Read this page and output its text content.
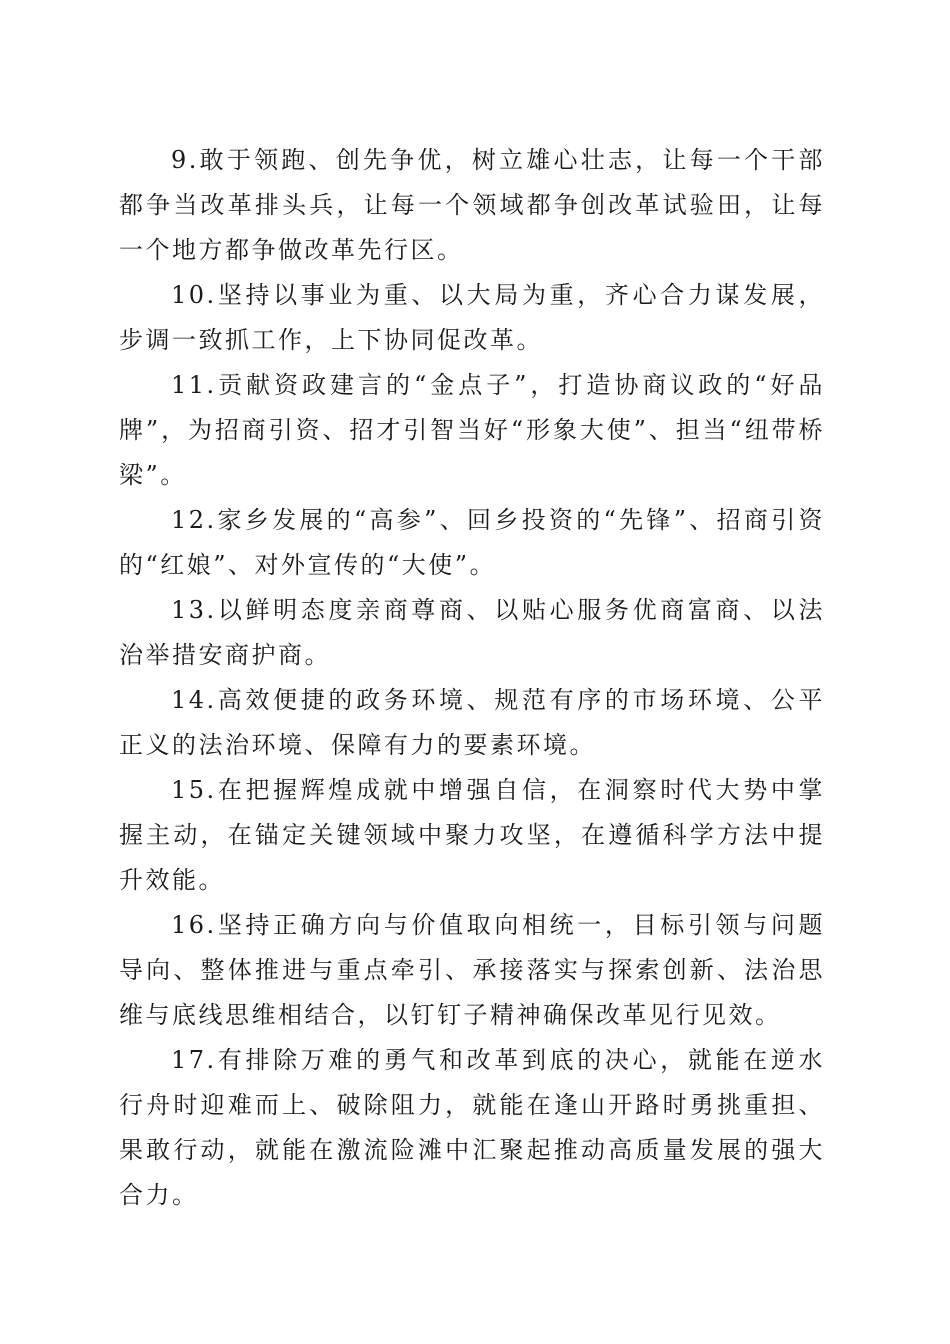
9.敢于领跑、创先争优，树立雄心壮志，让每一个干部都争当改革排头兵，让每一个领域都争创改革试验田，让每一个地方都争做改革先行区。

10.坚持以事业为重、以大局为重，齐心合力谋发展，步调一致抓工作，上下协同促改革。

11.贡献资政建言的“金点子”，打造协商议政的“好品牌”，为招商引资、招才引智当好“形象大使”、担当“纽带桥梁”。

12.家乡发展的“高参”、回乡投资的“先锋”、招商引资的“红娘”、对外宣传的“大使”。

13.以鲜明态度亲商尊商、以贴心服务优商富商、以法治举措安商护商。

14.高效便捷的政务环境、规范有序的市场环境、公平正义的法治环境、保障有力的要素环境。

15.在把握辉煌成就中增强自信，在洞察时代大势中掌握主动，在锚定关键领域中聚力攻坚，在遵循科学方法中提升效能。

16.坚持正确方向与价值取向相统一，目标引领与问题导向、整体推进与重点牵引、承接落实与探索创新、法治思维与底线思维相结合，以钉钉子精神确保改革见行见效。

17.有排除万难的勇气和改革到底的决心，就能在逆水行舟时迎难而上、破除阻力，就能在逢山开路时勇挑重担、果敢行动，就能在激流险滩中汇聚起推动高质量发展的强大合力。
